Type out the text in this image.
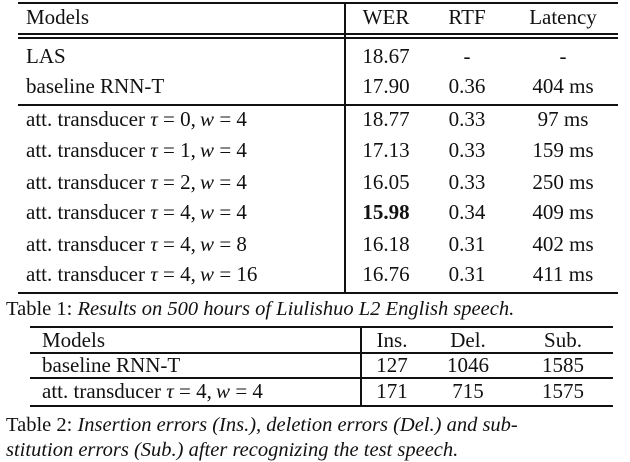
Models	WER RTF Latency
LAS	18.67	-	-
baseline RNN-T	17.90 0.36 404 ms
att. transducer τ = 0, w = 4	18.77 0.33 97 ms
att. transducer τ = 1, w = 4	17.13 0.33 159 ms
att. transducer τ = 2, w = 4	16.05 0.33 250 ms
att. transducer τ = 4, w = 4	15.98 0.34 409 ms
att. transducer τ = 4, w = 8	16.18 0.31 402 ms
att. transducer τ = 4, w = 16	16.76 0.31 411 ms
Table 1: Results on 500 hours of Liulishuo L2 English speech.
Models	Ins. Del.	Sub.
baseline RNN-T	127 1046	1585
att. transducer τ = 4, w = 4	171 715	1575
Table 2: Insertion errors (Ins.), deletion errors (Del.) and sub-
stitution errors (Sub.) after recognizing the test speech.
